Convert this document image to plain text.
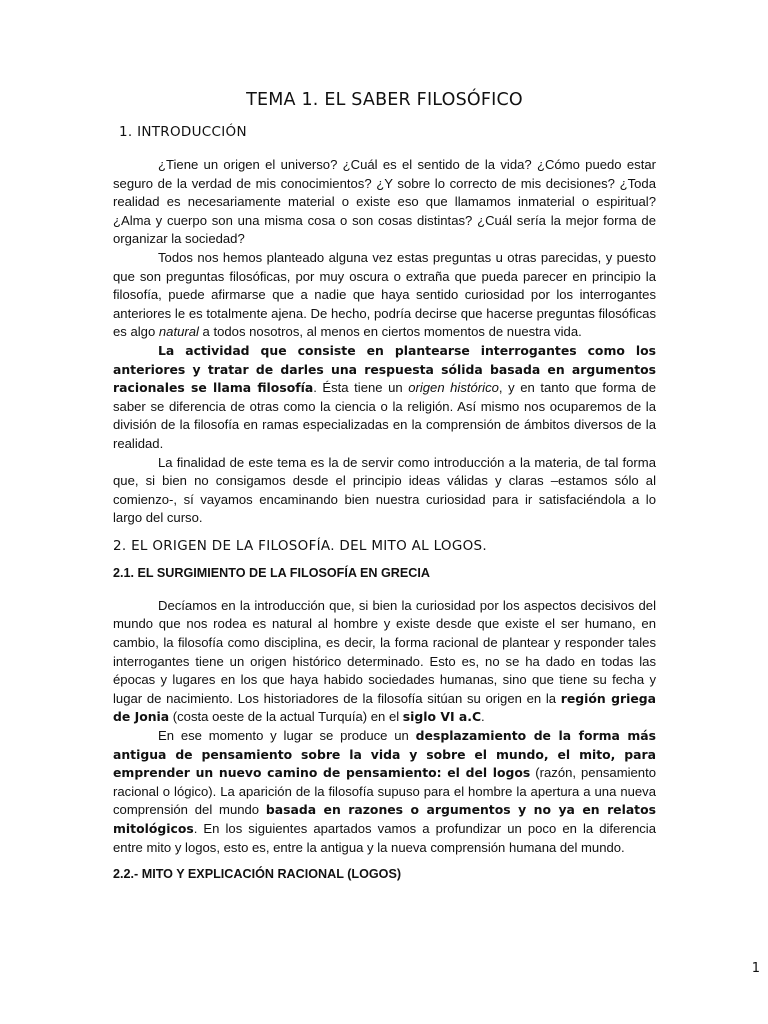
TEMA 1. EL SABER FILOSÓFICO
1. INTRODUCCIÓN

¿Tiene un origen el universo? ¿Cuál es el sentido de la vida? ¿Cómo puedo estar seguro de la verdad de mis conocimientos? ¿Y sobre lo correcto de mis decisiones? ¿Toda realidad es necesariamente material o existe eso que llamamos inmaterial o espiritual? ¿Alma y cuerpo son una misma cosa o son cosas distintas? ¿Cuál sería la mejor forma de organizar la sociedad?

Todos nos hemos planteado alguna vez estas preguntas u otras parecidas, y puesto que son preguntas filosóficas, por muy oscura o extraña que pueda parecer en principio la filosofía, puede afirmarse que a nadie que haya sentido curiosidad por los interrogantes anteriores le es totalmente ajena. De hecho, podría decirse que hacerse preguntas filosóficas es algo natural a todos nosotros, al menos en ciertos momentos de nuestra vida.

La actividad que consiste en plantearse interrogantes como los anteriores y tratar de darles una respuesta sólida basada en argumentos racionales se llama filosofía. Ésta tiene un origen histórico, y en tanto que forma de saber se diferencia de otras como la ciencia o la religión. Así mismo nos ocuparemos de la división de la filosofía en ramas especializadas en la comprensión de ámbitos diversos de la realidad.

La finalidad de este tema es la de servir como introducción a la materia, de tal forma que, si bien no consigamos desde el principio ideas válidas y claras –estamos sólo al comienzo-, sí vayamos encaminando bien nuestra curiosidad para ir satisfaciéndola a lo largo del curso.

2. EL ORIGEN DE LA FILOSOFÍA. DEL MITO AL LOGOS.
2.1. EL SURGIMIENTO DE LA FILOSOFÍA EN GRECIA

Decíamos en la introducción que, si bien la curiosidad por los aspectos decisivos del mundo que nos rodea es natural al hombre y existe desde que existe el ser humano, en cambio, la filosofía como disciplina, es decir, la forma racional de plantear y responder tales interrogantes tiene un origen histórico determinado. Esto es, no se ha dado en todas las épocas y lugares en los que haya habido sociedades humanas, sino que tiene su fecha y lugar de nacimiento. Los historiadores de la filosofía sitúan su origen en la región griega de Jonia (costa oeste de la actual Turquía) en el siglo VI a.C.

En ese momento y lugar se produce un desplazamiento de la forma más antigua de pensamiento sobre la vida y sobre el mundo, el mito, para emprender un nuevo camino de pensamiento: el del logos (razón, pensamiento racional o lógico). La aparición de la filosofía supuso para el hombre la apertura a una nueva comprensión del mundo basada en razones o argumentos y no ya en relatos mitológicos. En los siguientes apartados vamos a profundizar un poco en la diferencia entre mito y logos, esto es, entre la antigua y la nueva comprensión humana del mundo.

2.2.- MITO Y EXPLICACIÓN RACIONAL (LOGOS)
1
